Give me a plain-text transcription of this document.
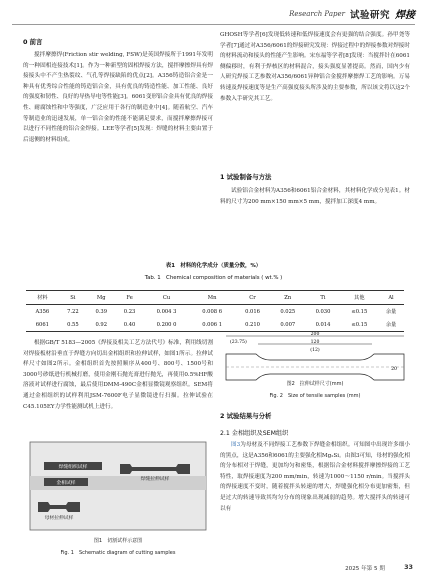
Research Paper 试验研究 焊接
0 前言

搅拌摩擦焊(Friction stir welding, FSW)是英国焊接所于1991年发明的一种固相连接技术[1]。作为一种新型的固相焊接方法，搅拌摩擦焊具有焊接接头中不产生热裂纹、气孔等焊接缺陷的优点[2]。A356铸造铝合金是一种具有优秀综合性能的铸造铝合金，具有优良的铸造性能、加工性能、良好的强度和韧性、良好的导热导电等性能[3]。6061变形铝合金具有优良的焊接性、耐腐蚀性和中等强度，广泛应用于各行的制造业中[4]。随着航空、汽车等制造业的迅速发展，单一铝合金的性能不能满足要求，而搅拌摩擦焊接可以进行不同性能的铝合金焊接。LEE等学者[5]发现：焊缝的材料主要由置于后退侧的材料组成。

GHOSH等学者[6]发现低转速和低焊接速度会有更强的结合强度。孙甲尧等学者[7]通过对A356/6061的焊接研究发现：焊接过程中的焊接参数对焊接时的材料流动和接头的性能产生影响。宋东福等学者[8]发现：当搅拌针在6061侧偏移时，有利于焊核区的材料混合，接头强度显著提高。然而，国内少有人研究焊接工艺参数对A356/6061异种铝合金搅拌摩擦焊工艺的影响。万易转速及焊接速度等是生产高强度接头所涉及的主要参数，所以该文将以这2个参数入手研究其工艺。

1 试验制备与方法

试验铝合金材料为A356和6061铝合金材料，其材料化学成分见表1。材料的尺寸为200 mm×150 mm×5 mm，搅拌加工深度4 mm。

表1　材料的化学成分（质量分数，%）
Tab. 1　Chemical composition of materials ( wt.% )
材料	Si	Mg	Fe	Cu	Mn	Cr	Zn	Ti	其他	Al
A356	7.22	0.39	0.23	0.004 3	0.008 6	0.016	0.025	0.030	≤0.15	余量
6061	0.55	0.92	0.40	0.200 0	0.006 1	0.210	0.007	0.014	≤0.15	余量

根据GB/T 5183—2005《焊接及相关工艺方法代号》标准，利用线切割对焊接板材沿垂直于焊缝方向切出金相组织和拉伸试样，如图1所示。拉伸试样尺寸如图2所示。金相组织首先按照顺序从400号、800号、1500号和3000号砂纸进行机械打磨，使用金刚石抛光膏进行抛光，再使用0.5%HF酸溶液对试样进行腐蚀，最后使用DMM-490C金相显微镜观察组织。SEM将通过金相组织的试样利用JSM-7600F电子显微镜进行扫描。拉伸试验在C45.105EY力学性能测试机上进行。

焊缝组织试样
金相试样
母材拉伸试样
焊缝拉伸试样
图1　切割试样示意图
Fig. 1　Schematic diagram of cutting samples
200
120
(12)
(23.75)
20
图2　拉伸试样尺寸(mm)
Fig. 2　Size of tensile samples (mm)
2 试验结果与分析
2.1 金相组织及SEM组织

图3为母材及不同焊接工艺参数下焊缝金相组织。可知图中出现许多细小的黑点，这是A356和6061的主要强化相Mg₂Si。由图3可知，母材的强化相的分布相对于焊缝，更加均匀和密集，根据铝合金材料搅拌摩擦焊接的工艺特性，取焊接速度为200 mm/min，转速为1000～1150 r/min。当搅拌头的焊接速度不变时，随着搅拌头转速的增大，焊缝强化相分布更加密集，但是过大的转速导致其均匀分布的现象出现减弱的趋势。增大搅拌头的转速可以有

2025 年第 5 期	33
